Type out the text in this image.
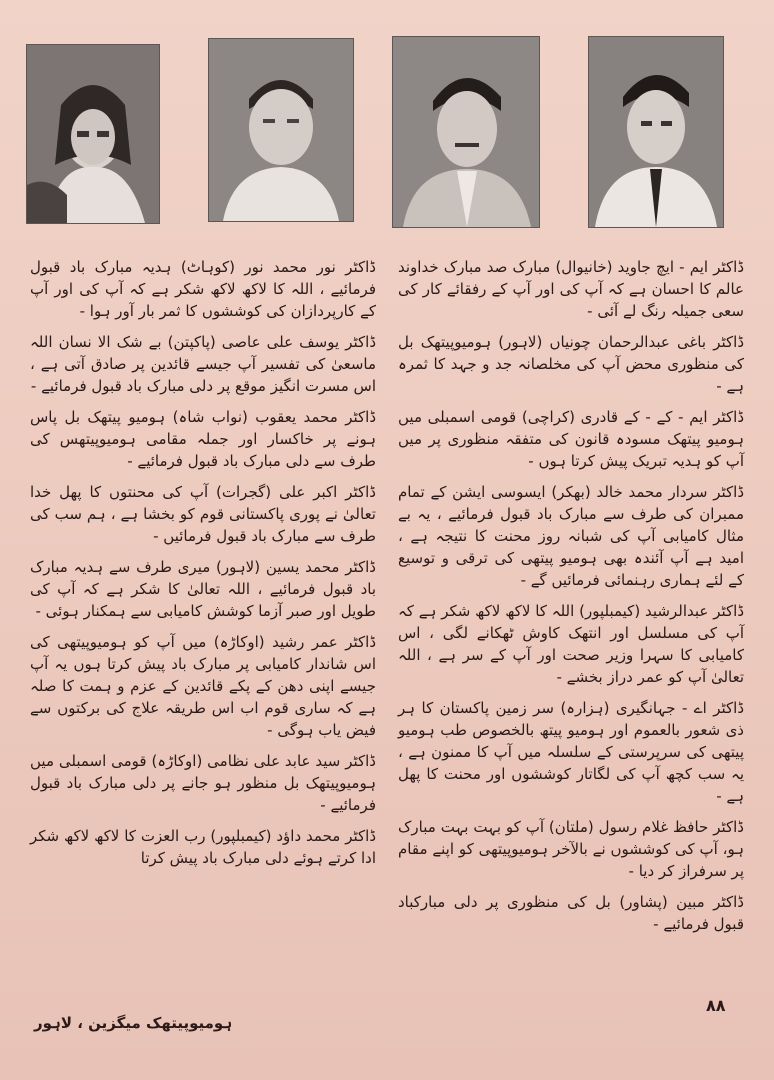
ڈاکٹر ایم - ایچ جاوید (خانیوال) مبارک صد مبارک خداوند عالم کا احسان ہے کہ آپ کی اور آپ کے رفقائے کار کی سعی جمیلہ رنگ لے آئی -

ڈاکٹر باغی عبدالرحمان چونیاں (لاہور) ہومیوپیتھک بل کی منظوری محض آپ کی مخلصانہ جد و جہد کا ثمرہ ہے -

ڈاکٹر ایم - کے - کے قادری (کراچی) قومی اسمبلی میں ہومیو پیتھک مسودہ قانون کی متفقہ منظوری پر میں آپ کو ہدیہ تبریک پیش کرتا ہوں -

ڈاکٹر سردار محمد خالد (بھکر) ایسوسی ایشن کے تمام ممبران کی طرف سے مبارک باد قبول فرمائیے ، یہ بے مثال کامیابی آپ کی شبانہ روز محنت کا نتیجہ ہے ، امید ہے آپ آئندہ بھی ہومیو پیتھی کی ترقی و توسیع کے لئے ہماری رہنمائی فرمائیں گے -

ڈاکٹر عبدالرشید (کیمبلپور) اللہ کا لاکھ لاکھ شکر ہے کہ آپ کی مسلسل اور انتھک کاوش ٹھکانے لگی ، اس کامیابی کا سہرا وزیر صحت اور آپ کے سر ہے ، اللہ تعالیٰ آپ کو عمر دراز بخشے -

ڈاکٹر اے - جہانگیری (ہزارہ) سر زمین پاکستان کا ہر ذی شعور بالعموم اور ہومیو پیتھ بالخصوص طب ہومیو پیتھی کی سرپرستی کے سلسلہ میں آپ کا ممنون ہے ، یہ سب کچھ آپ کی لگاتار کوششوں اور محنت کا پھل ہے -

ڈاکٹر حافظ غلام رسول (ملتان) آپ کو بہت بہت مبارک ہو، آپ کی کوششوں نے بالآخر ہومیوپیتھی کو اپنے مقام پر سرفراز کر دیا -

ڈاکٹر مبین (پشاور) بل کی منظوری پر دلی مبارکباد قبول فرمائیے -

ڈاکٹر نور محمد نور (کوہاٹ) ہدیہ مبارک باد قبول فرمائیے ، اللہ کا لاکھ لاکھ شکر ہے کہ آپ کی اور آپ کے کارپردازان کی کوششوں کا ثمر بار آور ہوا -

ڈاکٹر یوسف علی عاصی (پاکپتن) بے شک الا نسان اللہ ماسعیٰ کی تفسیر آپ جیسے قائدین پر صادق آتی ہے ، اس مسرت انگیز موقع پر دلی مبارک باد قبول فرمائیے -

ڈاکٹر محمد یعقوب (نواب شاہ) ہومیو پیتھک بل پاس ہونے پر خاکسار اور جملہ مقامی ہومیوپیتھس کی طرف سے دلی مبارک باد قبول فرمائیے -

ڈاکٹر اکبر علی (گجرات) آپ کی محنتوں کا پھل خدا تعالیٰ نے پوری پاکستانی قوم کو بخشا ہے ، ہم سب کی طرف سے مبارک باد قبول فرمائیں -

ڈاکٹر محمد یسین (لاہور) میری طرف سے ہدیہ مبارک باد قبول فرمائیے ، اللہ تعالیٰ کا شکر ہے کہ آپ کی طویل اور صبر آزما کوشش کامیابی سے ہمکنار ہوئی -

ڈاکٹر عمر رشید (اوکاڑہ) میں آپ کو ہومیوپیتھی کی اس شاندار کامیابی پر مبارک باد پیش کرتا ہوں یہ آپ جیسے اپنی دھن کے پکے قائدین کے عزم و ہمت کا صلہ ہے کہ ساری قوم اب اس طریقہ علاج کی برکتوں سے فیض یاب ہوگی -

ڈاکٹر سید عابد علی نظامی (اوکاڑہ) قومی اسمبلی میں ہومیوپیتھک بل منظور ہو جانے پر دلی مبارک باد قبول فرمائیے -

ڈاکٹر محمد داؤد (کیمبلپور) رب العزت کا لاکھ لاکھ شکر ادا کرتے ہوئے دلی مبارک باد پیش کرتا

ہومیوپیتھک میگزین ، لاہور
۸۸
